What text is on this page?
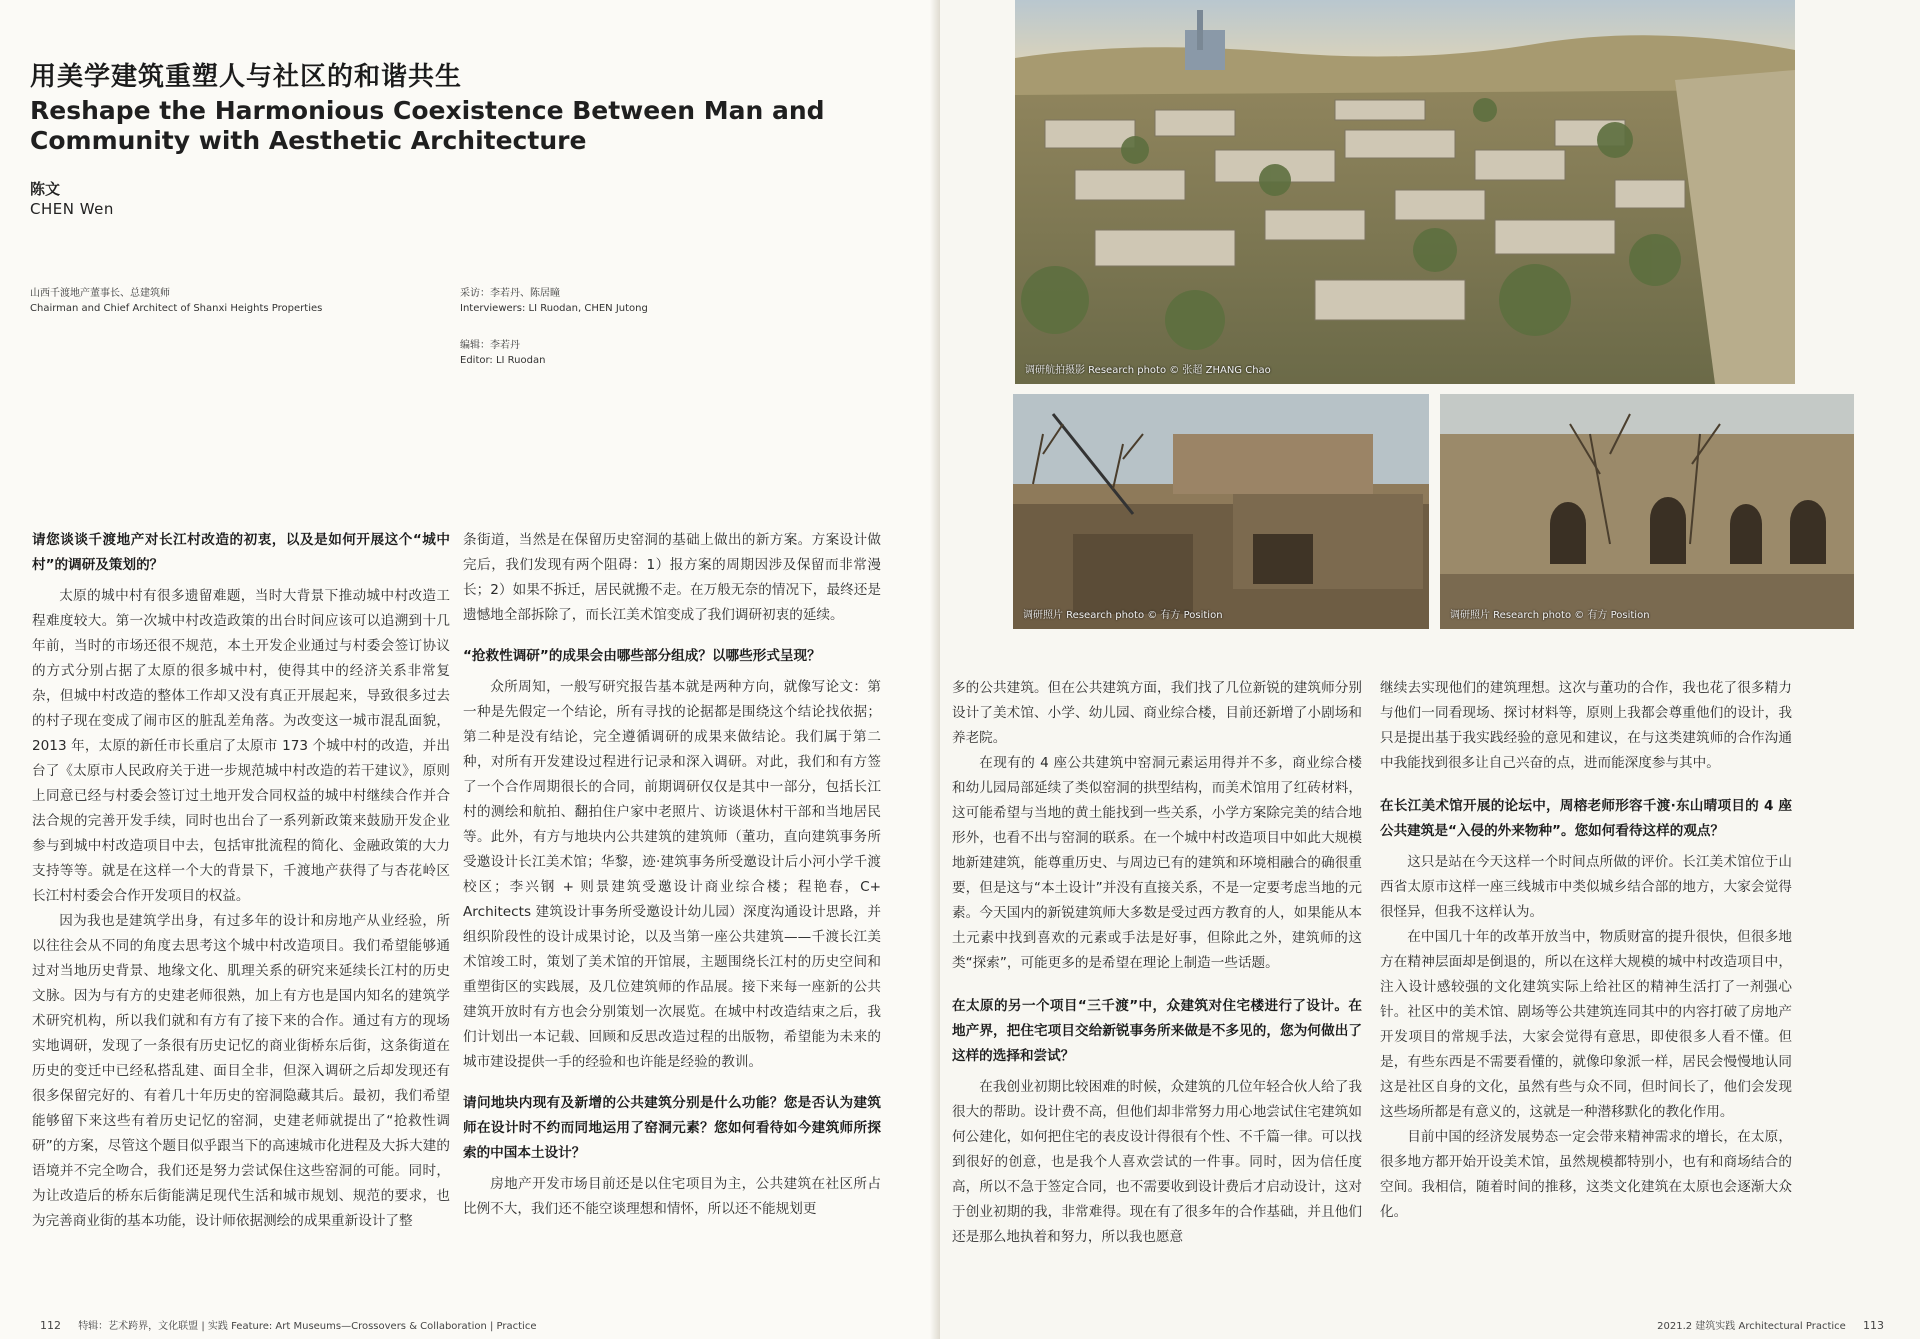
用美学建筑重塑人与社区的和谐共生
Reshape the Harmonious Coexistence Between Man and Community with Aesthetic Architecture
陈文
CHEN Wen
山西千渡地产董事长、总建筑师
Chairman and Chief Architect of Shanxi Heights Properties
采访：李若丹、陈居瞳
Interviewers: LI Ruodan, CHEN Jutong
编辑：李若丹
Editor: LI Ruodan

请您谈谈千渡地产对长江村改造的初衷，以及是如何开展这个“城中村”的调研及策划的？

太原的城中村有很多遗留难题，当时大背景下推动城中村改造工程难度较大。第一次城中村改造政策的出台时间应该可以追溯到十几年前，当时的市场还很不规范，本土开发企业通过与村委会签订协议的方式分别占据了太原的很多城中村，使得其中的经济关系非常复杂，但城中村改造的整体工作却又没有真正开展起来，导致很多过去的村子现在变成了闹市区的脏乱差角落。为改变这一城市混乱面貌，2013 年，太原的新任市长重启了太原市 173 个城中村的改造，并出台了《太原市人民政府关于进一步规范城中村改造的若干建议》，原则上同意已经与村委会签订过土地开发合同权益的城中村继续合作并合法合规的完善开发手续，同时也出台了一系列新政策来鼓励开发企业参与到城中村改造项目中去，包括审批流程的简化、金融政策的大力支持等等。就是在这样一个大的背景下，千渡地产获得了与杏花岭区长江村村委会合作开发项目的权益。

因为我也是建筑学出身，有过多年的设计和房地产从业经验，所以往往会从不同的角度去思考这个城中村改造项目。我们希望能够通过对当地历史背景、地缘文化、肌理关系的研究来延续长江村的历史文脉。因为与有方的史建老师很熟，加上有方也是国内知名的建筑学术研究机构，所以我们就和有方有了接下来的合作。通过有方的现场实地调研，发现了一条很有历史记忆的商业街桥东后街，这条街道在历史的变迁中已经私搭乱建、面目全非，但深入调研之后却发现还有很多保留完好的、有着几十年历史的窑洞隐藏其后。最初，我们希望能够留下来这些有着历史记忆的窑洞，史建老师就提出了“抢救性调研”的方案，尽管这个题目似乎跟当下的高速城市化进程及大拆大建的语境并不完全吻合，我们还是努力尝试保住这些窑洞的可能。同时，为让改造后的桥东后街能满足现代生活和城市规划、规范的要求，也为完善商业街的基本功能，设计师依据测绘的成果重新设计了整

条街道，当然是在保留历史窑洞的基础上做出的新方案。方案设计做完后，我们发现有两个阻碍：1）报方案的周期因涉及保留而非常漫长；2）如果不拆迁，居民就搬不走。在万般无奈的情况下，最终还是遗憾地全部拆除了，而长江美术馆变成了我们调研初衷的延续。

“抢救性调研”的成果会由哪些部分组成？以哪些形式呈现？

众所周知，一般写研究报告基本就是两种方向，就像写论文：第一种是先假定一个结论，所有寻找的论据都是围绕这个结论找依据；第二种是没有结论，完全遵循调研的成果来做结论。我们属于第二种，对所有开发建设过程进行记录和深入调研。对此，我们和有方签了一个合作周期很长的合同，前期调研仅仅是其中一部分，包括长江村的测绘和航拍、翻拍住户家中老照片、访谈退休村干部和当地居民等。此外，有方与地块内公共建筑的建筑师（董功，直向建筑事务所受邀设计长江美术馆；华黎，迹·建筑事务所受邀设计后小河小学千渡校区；李兴钢 + 则景建筑受邀设计商业综合楼；程艳春，C+ Architects 建筑设计事务所受邀设计幼儿园）深度沟通设计思路，并组织阶段性的设计成果讨论，以及当第一座公共建筑——千渡长江美术馆竣工时，策划了美术馆的开馆展，主题围绕长江村的历史空间和重塑街区的实践展，及几位建筑师的作品展。接下来每一座新的公共建筑开放时有方也会分别策划一次展览。在城中村改造结束之后，我们计划出一本记载、回顾和反思改造过程的出版物，希望能为未来的城市建设提供一手的经验和也许能是经验的教训。

请问地块内现有及新增的公共建筑分别是什么功能？您是否认为建筑师在设计时不约而同地运用了窑洞元素？您如何看待如今建筑师所探索的中国本土设计？

房地产开发市场目前还是以住宅项目为主，公共建筑在社区所占比例不大，我们还不能空谈理想和情怀，所以还不能规划更

112 特辑：艺术跨界，文化联盟 | 实践 Feature: Art Museums—Crossovers & Collaboration | Practice
调研航拍摄影 Research photo © 张超 ZHANG Chao
调研照片 Research photo © 有方 Position	调研照片 Research photo © 有方 Position

多的公共建筑。但在公共建筑方面，我们找了几位新锐的建筑师分别设计了美术馆、小学、幼儿园、商业综合楼，目前还新增了小剧场和养老院。

在现有的 4 座公共建筑中窑洞元素运用得并不多，商业综合楼和幼儿园局部延续了类似窑洞的拱型结构，而美术馆用了红砖材料，这可能希望与当地的黄土能找到一些关系，小学方案除完美的结合地形外，也看不出与窑洞的联系。在一个城中村改造项目中如此大规模地新建建筑，能尊重历史、与周边已有的建筑和环境相融合的确很重要，但是这与“本土设计”并没有直接关系，不是一定要考虑当地的元素。今天国内的新锐建筑师大多数是受过西方教育的人，如果能从本土元素中找到喜欢的元素或手法是好事，但除此之外，建筑师的这类“探索”，可能更多的是希望在理论上制造一些话题。

在太原的另一个项目“三千渡”中，众建筑对住宅楼进行了设计。在地产界，把住宅项目交给新锐事务所来做是不多见的，您为何做出了这样的选择和尝试？

在我创业初期比较困难的时候，众建筑的几位年轻合伙人给了我很大的帮助。设计费不高，但他们却非常努力用心地尝试住宅建筑如何公建化，如何把住宅的表皮设计得很有个性、不千篇一律。可以找到很好的创意，也是我个人喜欢尝试的一件事。同时，因为信任度高，所以不急于签定合同，也不需要收到设计费后才启动设计，这对于创业初期的我，非常难得。现在有了很多年的合作基础，并且他们还是那么地执着和努力，所以我也愿意

继续去实现他们的建筑理想。这次与董功的合作，我也花了很多精力与他们一同看现场、探讨材料等，原则上我都会尊重他们的设计，我只是提出基于我实践经验的意见和建议，在与这类建筑师的合作沟通中我能找到很多让自己兴奋的点，进而能深度参与其中。

在长江美术馆开展的论坛中，周榕老师形容千渡·东山晴项目的 4 座公共建筑是“入侵的外来物种”。您如何看待这样的观点？

这只是站在今天这样一个时间点所做的评价。长江美术馆位于山西省太原市这样一座三线城市中类似城乡结合部的地方，大家会觉得很怪异，但我不这样认为。

在中国几十年的改革开放当中，物质财富的提升很快，但很多地方在精神层面却是倒退的，所以在这样大规模的城中村改造项目中，注入设计感较强的文化建筑实际上给社区的精神生活打了一剂强心针。社区中的美术馆、剧场等公共建筑连同其中的内容打破了房地产开发项目的常规手法，大家会觉得有意思，即使很多人看不懂。但是，有些东西是不需要看懂的，就像印象派一样，居民会慢慢地认同这是社区自身的文化，虽然有些与众不同，但时间长了，他们会发现这些场所都是有意义的，这就是一种潜移默化的教化作用。

目前中国的经济发展势态一定会带来精神需求的增长，在太原，很多地方都开始开设美术馆，虽然规模都特别小，也有和商场结合的空间。我相信，随着时间的推移，这类文化建筑在太原也会逐渐大众化。

2021.2 建筑实践 Architectural Practice 113
